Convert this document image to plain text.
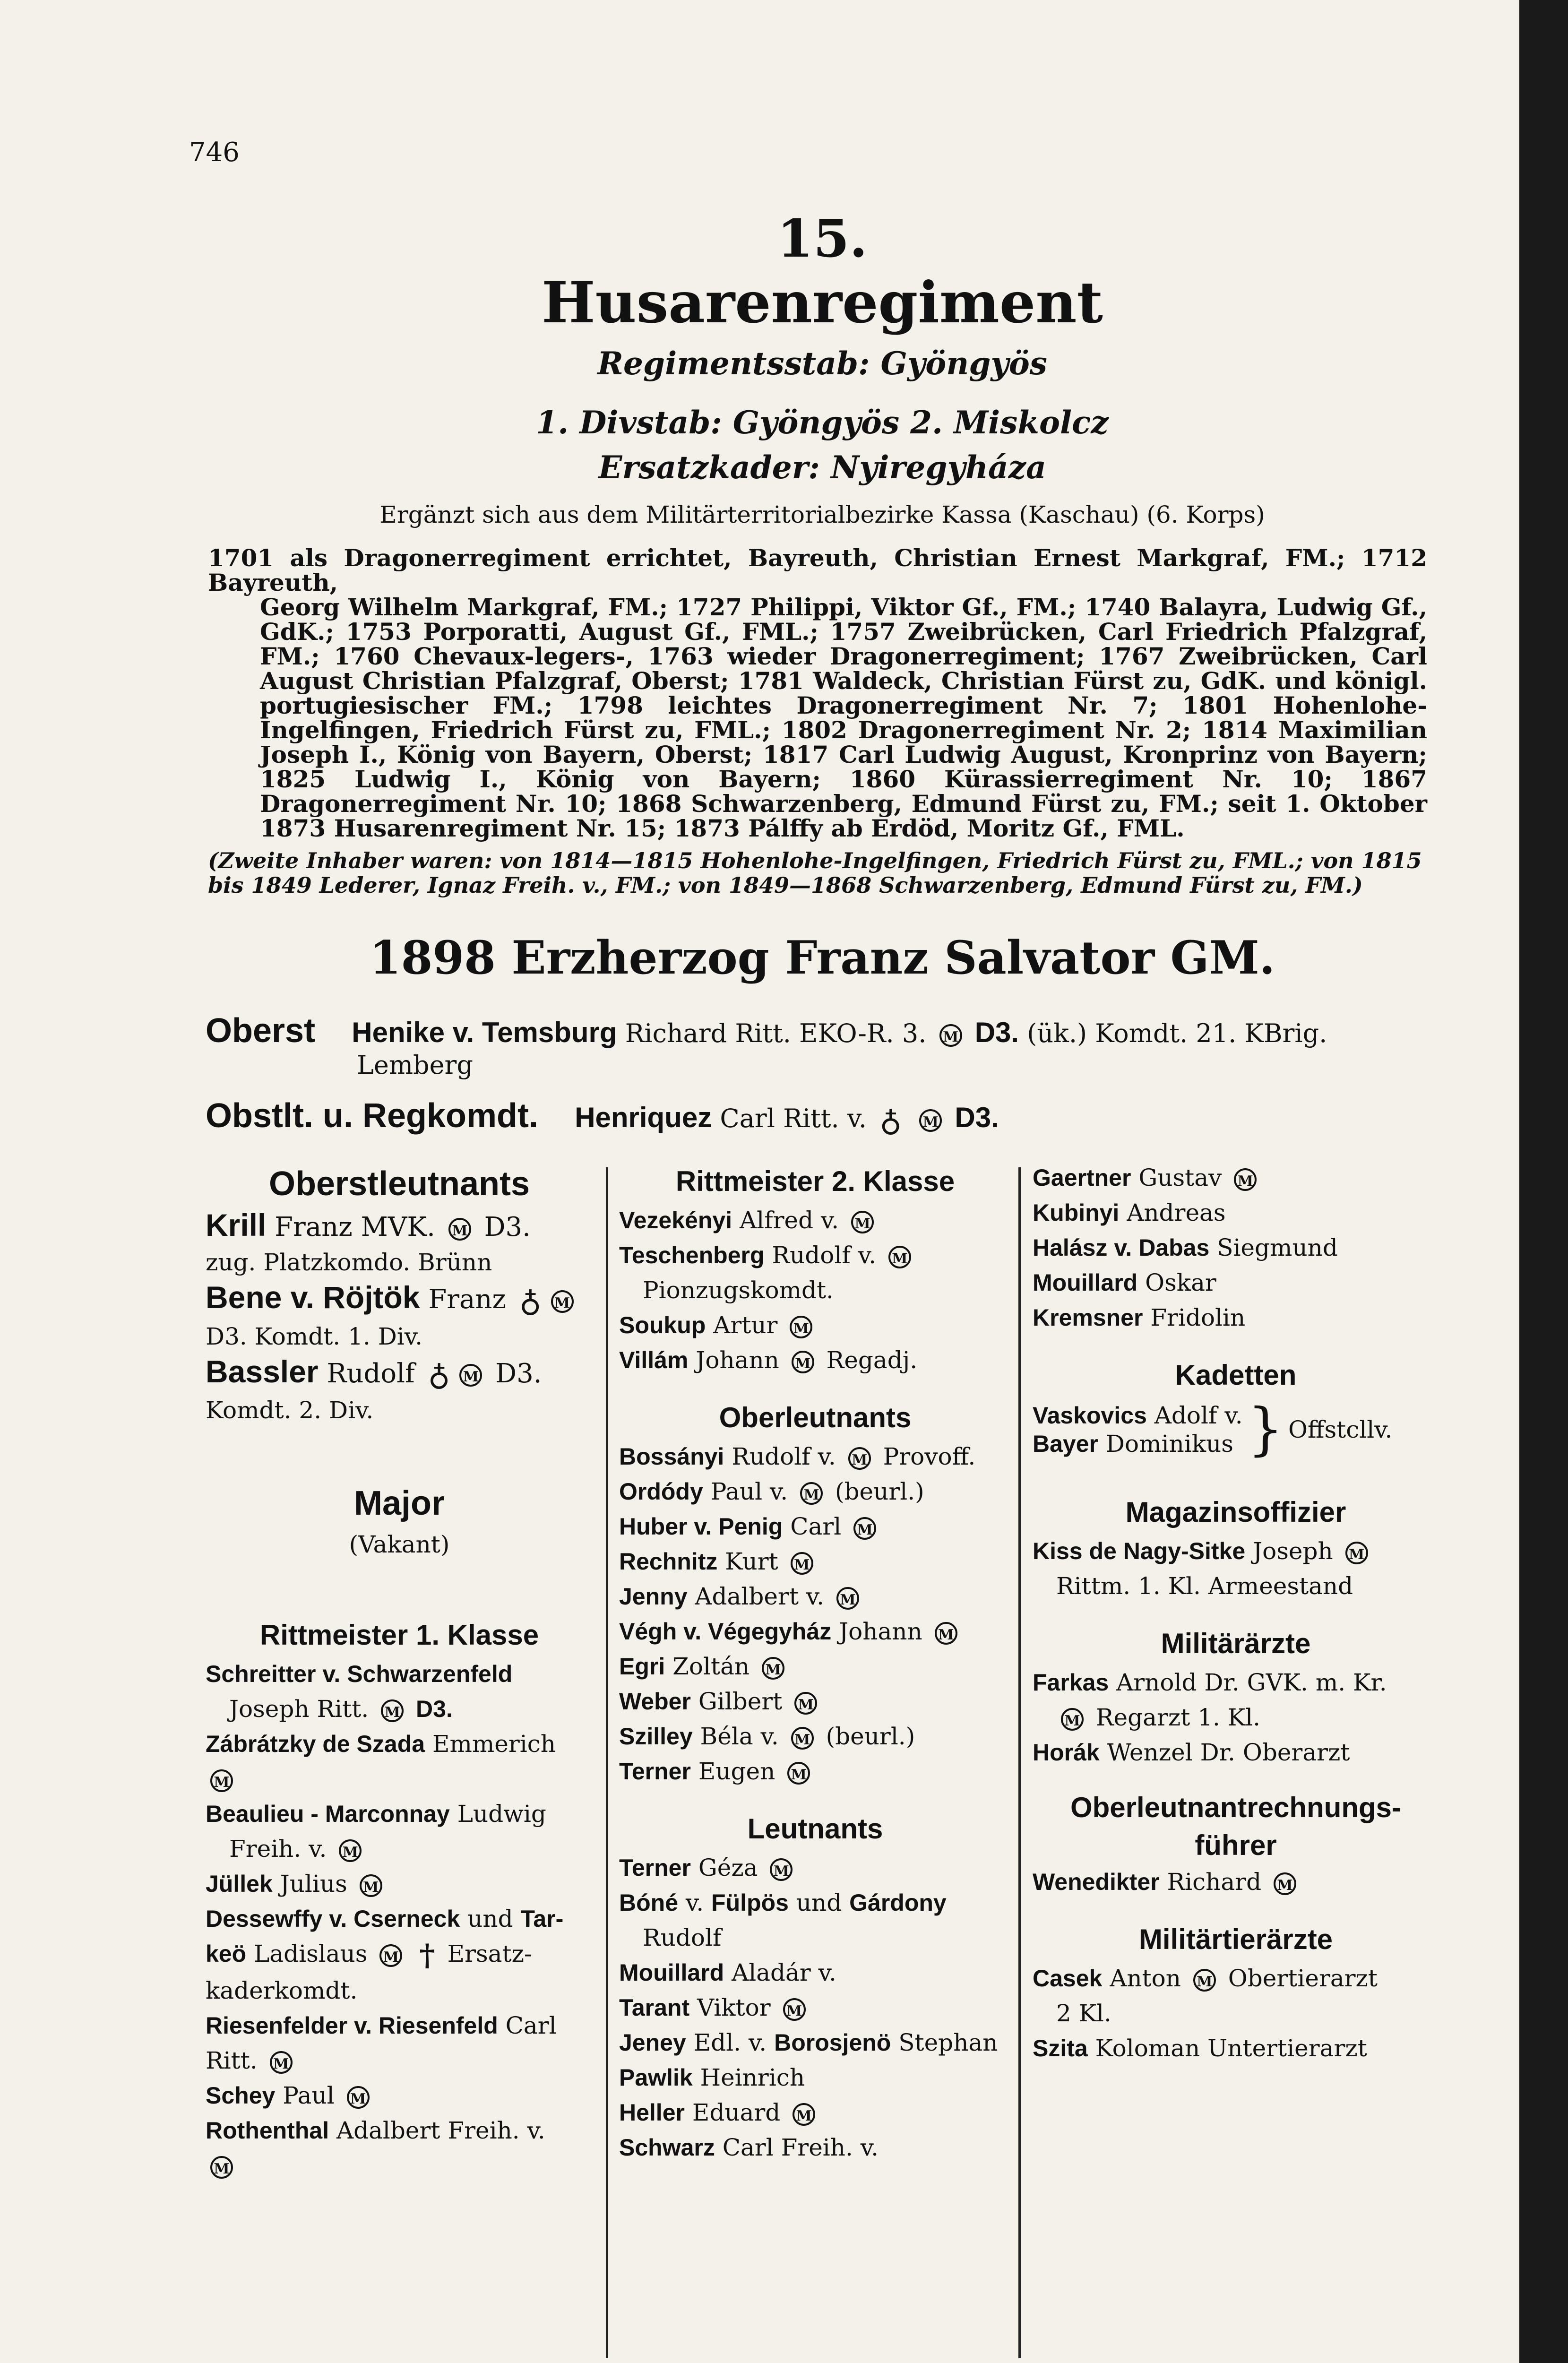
746
15.
Husarenregiment
Regimentsstab: Gyöngyös
1. Divstab: Gyöngyös 2. Miskolcz
Ersatzkader: Nyiregyháza
Ergänzt sich aus dem Militärterritorialbezirke Kassa (Kaschau) (6. Korps)

1701 als Dragonerregiment errichtet, Bayreuth, Christian Ernest Markgraf, FM.; 1712 Bayreuth,

Georg Wilhelm Markgraf, FM.; 1727 Philippi, Viktor Gf., FM.; 1740 Balayra, Ludwig Gf., GdK.; 1753 Porporatti, August Gf., FML.; 1757 Zweibrücken, Carl Friedrich Pfalzgraf, FM.; 1760 Chevaux-legers-, 1763 wieder Dragonerregiment; 1767 Zweibrücken, Carl August Christian Pfalzgraf, Oberst; 1781 Waldeck, Christian Fürst zu, GdK. und königl. portugiesischer FM.; 1798 leichtes Dragonerregiment Nr. 7; 1801 Hohenlohe-Ingelfingen, Friedrich Fürst zu, FML.; 1802 Dragonerregiment Nr. 2; 1814 Maximilian Joseph I., König von Bayern, Oberst; 1817 Carl Ludwig August, Kronprinz von Bayern; 1825 Ludwig I., König von Bayern; 1860 Kürassierregiment Nr. 10; 1867 Dragonerregiment Nr. 10; 1868 Schwarzenberg, Edmund Fürst zu, FM.; seit 1. Oktober 1873 Husarenregiment Nr. 15; 1873 Pálffy ab Erdöd, Moritz Gf., FML.

(Zweite Inhaber waren: von 1814—1815 Hohenlohe-Ingelfingen, Friedrich Fürst zu, FML.; von 1815 bis 1849 Lederer, Ignaz Freih. v., FM.; von 1849—1868 Schwarzenberg, Edmund Fürst zu, FM.)
1898 Erzherzog Franz Salvator GM.
Oberst Henike v. Temsburg Richard Ritt. EKO-R. 3. M D3. (ük.) Komdt. 21. KBrig.
Lemberg
Obstlt. u. Regkomdt. Henriquez Carl Ritt. v. ♁ M D3.
Oberstleutnants

Krill Franz MVK. M D3.

zug. Platzkomdo. Brünn

Bene v. Röjtök Franz ♁ M

D3. Komdt. 1. Div.

Bassler Rudolf ♁ M D3.

Komdt. 2. Div.

Major
(Vakant)
Rittmeister 1. Klasse

Schreitter v. Schwarzenfeld

Joseph Ritt. M D3.

Zábrátzky de Szada Emmerich

M

Beaulieu - Marconnay Ludwig

Freih. v. M

Jüllek Julius M

Dessewffy v. Cserneck und Tar-

keö Ladislaus M † Ersatz-

kaderkomdt.

Riesenfelder v. Riesenfeld Carl

Ritt. M

Schey Paul M

Rothenthal Adalbert Freih. v.

M

Rittmeister 2. Klasse

Vezekényi Alfred v. M

Teschenberg Rudolf v. M

Pionzugskomdt.

Soukup Artur M

Villám Johann M Regadj.

Oberleutnants

Bossányi Rudolf v. M Provoff.

Ordódy Paul v. M (beurl.)

Huber v. Penig Carl M

Rechnitz Kurt M

Jenny Adalbert v. M

Végh v. Végegyház Johann M

Egri Zoltán M

Weber Gilbert M

Szilley Béla v. M (beurl.)

Terner Eugen M

Leutnants

Terner Géza M

Bóné v. Fülpös und Gárdony

Rudolf

Mouillard Aladár v.

Tarant Viktor M

Jeney Edl. v. Borosjenö Stephan

Pawlik Heinrich

Heller Eduard M

Schwarz Carl Freih. v.

Gaertner Gustav M

Kubinyi Andreas

Halász v. Dabas Siegmund

Mouillard Oskar

Kremsner Fridolin

Kadetten

Vaskovics Adolf v.

Bayer Dominikus } Offstcllv.
Magazinsoffizier

Kiss de Nagy-Sitke Joseph M

Rittm. 1. Kl. Armeestand

Militärärzte

Farkas Arnold Dr. GVK. m. Kr.

M Regarzt 1. Kl.

Horák Wenzel Dr. Oberarzt

Oberleutnantrechnungs-führer

Wenedikter Richard M

Militärtierärzte

Casek Anton M Obertierarzt

2 Kl.

Szita Koloman Untertierarzt
